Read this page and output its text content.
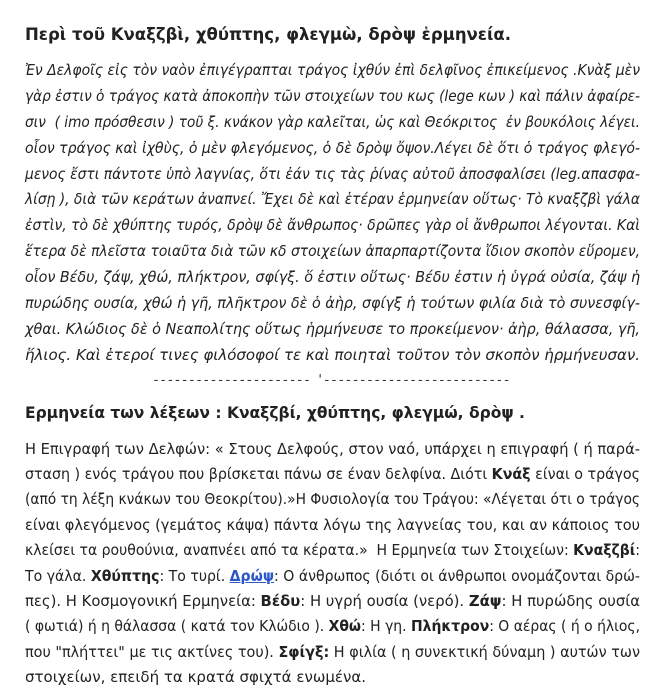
Περὶ τοῦ Κναξζβὶ, χθύπτης, φλεγμὼ, δρὸψ ἑρμηνεία.
Ἐν Δελφοῖς εἰς τὸν ναὸν ἐπιγέγραπται τράγος ἰχθύν ἐπὶ δελφῖνος ἐπικείμενος .Κνὰξ μὲν
γὰρ ἐστιν ὁ τράγος κατὰ ἀποκοπὴν τῶν στοιχείων του κως (lege κων ) καὶ πάλιν ἀφαίρε-
σιν  ( imo πρόσθεσιν ) τοῦ ξ. κνάκον γὰρ καλεῖται, ὡς καὶ Θεόκριτος  ἐν βουκόλοις λέγει.
οἷον τράγος καὶ ἰχθὺς, ὁ μὲν φλεγόμενος, ὁ δὲ δρὸψ ὄψον.Λέγει δὲ ὅτι ὁ τράγος φλεγό-
μενος ἔστι πάντοτε ὑπὸ λαγνίας, ὅτι ἐάν τις τὰς ῥίνας αὐτοῦ ἀποσφαλίσει (leg.απασφα-
λίσῃ ), διὰ τῶν κεράτων ἀναπνεί. Ἔχει δὲ καὶ ἑτέραν ἑρμηνείαν οὕτως· Τὸ κναξζβὶ γάλα
ἐστὶν, τὸ δὲ χθύπτης τυρός, δρὸψ δὲ ἄνθρωπος· δρῶπες γὰρ οἱ ἄνθρωποι λέγονται. Καὶ
ἕτερα δὲ πλεῖστα τοιαῦτα διὰ τῶν κδ στοιχείων ἀπαρπαρτίζοντα ἴδιον σκοπὸν εὕρομεν,
οἷον Βέδυ, ζάψ, χθώ, πλήκτρον, σφίγξ. ὅ ἐστιν οὕτως· Βέδυ ἐστιν ἡ ὑγρά οὐσία, ζάψ ἡ
πυρώδης ουσία, χθώ ἡ γῆ, πλῆκτρον δὲ ὁ ἀὴρ, σφίγξ ἡ τούτων φιλία διὰ τὸ συνεσφίγ-
χθαι. Κλώδιος δὲ ὁ Νεαπολίτης οὕτως ἡρμήνευσε το προκείμενον· ἀὴρ, θάλασσα, γῆ,
ἥλιος. Καὶ ἑτεροί τινες φιλόσοφοί τε καὶ ποιηταὶ τοῦτον τὸν σκοπὸν ἡρμήνευσαν.
---------------------- '--------------------------
Ερμηνεία των λέξεων : Κναξζβί, χθύπτης, φλεγμώ, δρὸψ .
Η Επιγραφή των Δελφών: « Στους Δελφούς, στον ναό, υπάρχει η επιγραφή ( ή παρά-
σταση ) ενός τράγου που βρίσκεται πάνω σε έναν δελφίνα. Διότι Κνάξ είναι ο τράγος
(από τη λέξη κνάκων του Θεοκρίτου).»Η Φυσιολογία του Τράγου: «Λέγεται ότι ο τράγος
είναι φλεγόμενος (γεμάτος κάψα) πάντα λόγω της λαγνείας του, και αν κάποιος του
κλείσει τα ρουθούνια, αναπνέει από τα κέρατα.»  Η Ερμηνεία των Στοιχείων: Κναξζβί:
Το γάλα. Χθύπτης: Το τυρί. Δρώψ: Ο άνθρωπος (διότι οι άνθρωποι ονομάζονται δρώ-
πες). Η Κοσμογονική Ερμηνεία: Βέδυ: Η υγρή ουσία (νερό). Ζάψ: Η πυρώδης ουσία
( φωτιά) ή η θάλασσα ( κατά τον Κλώδιο ). Χθώ: Η γη. Πλήκτρον: Ο αέρας ( ή ο ήλιος,
που "πλήττει" με τις ακτίνες του). Σφίγξ: Η φιλία ( η συνεκτική δύναμη ) αυτών των
στοιχείων, επειδή τα κρατά σφιχτά ενωμένα.
